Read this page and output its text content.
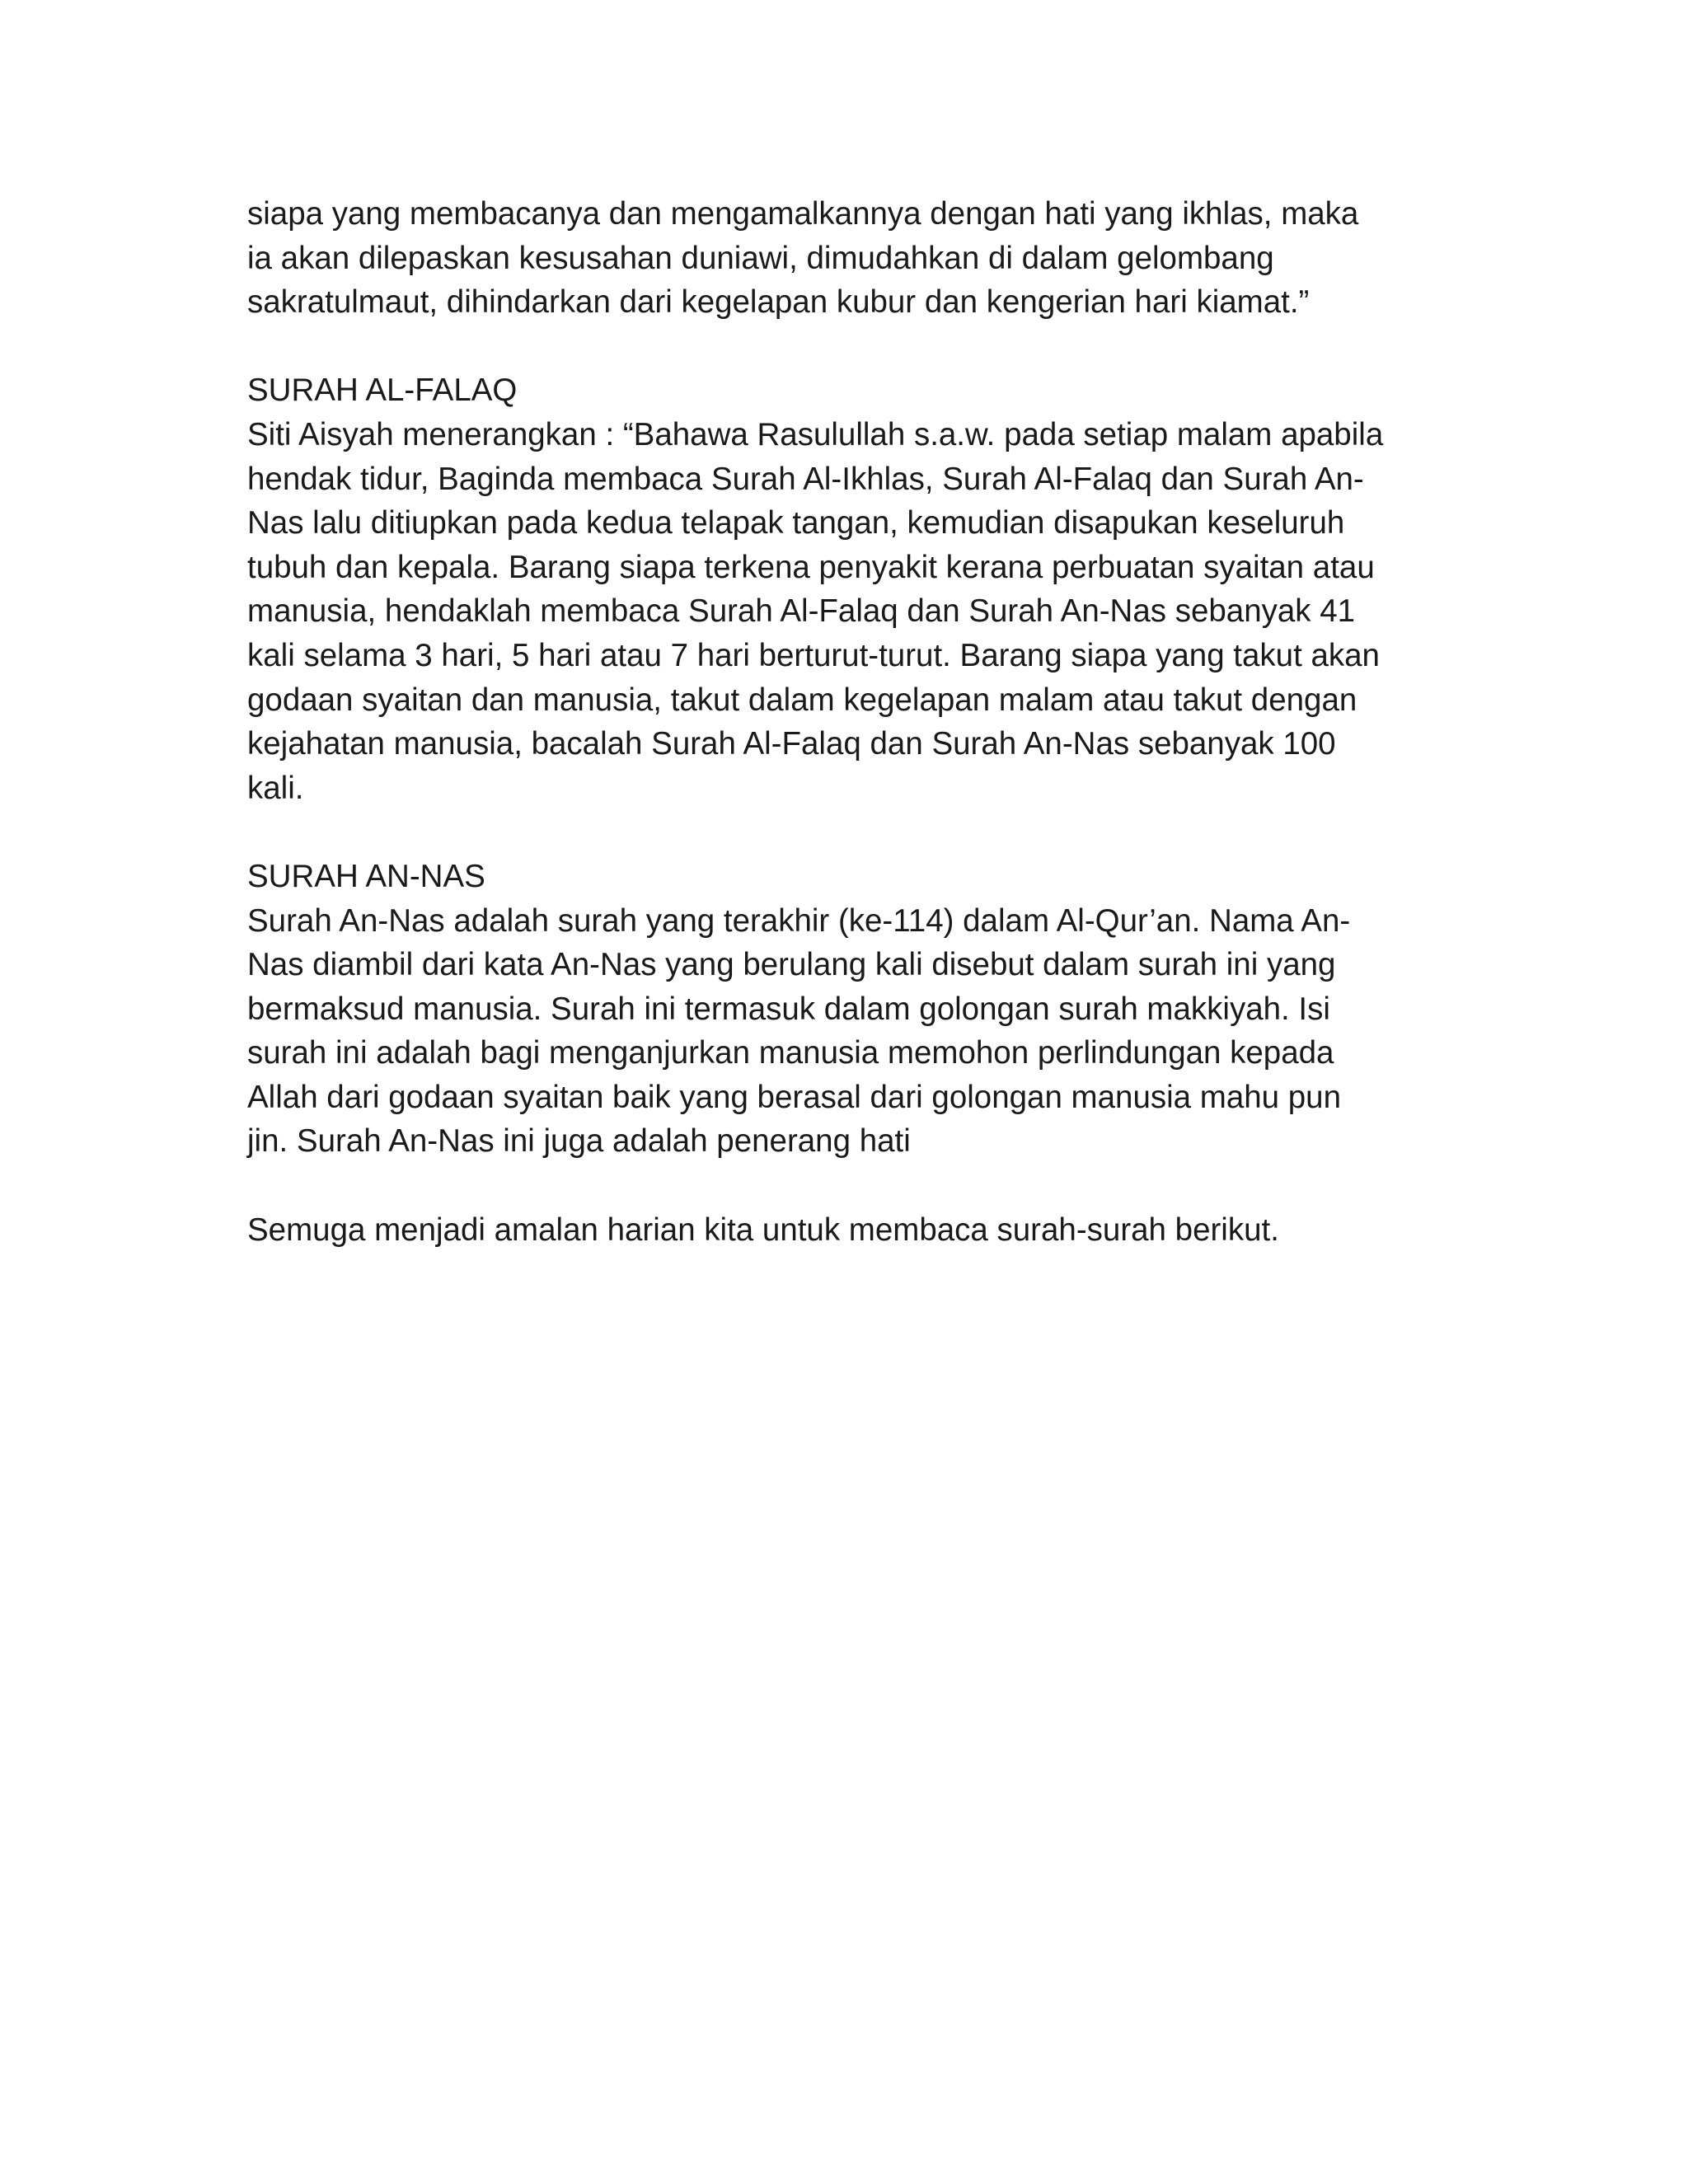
siapa yang membacanya dan mengamalkannya dengan hati yang ikhlas, maka
ia akan dilepaskan kesusahan duniawi, dimudahkan di dalam gelombang
sakratulmaut, dihindarkan dari kegelapan kubur dan kengerian hari kiamat.”
SURAH AL-FALAQ
Siti Aisyah menerangkan : “Bahawa Rasulullah s.a.w. pada setiap malam apabila
hendak tidur, Baginda membaca Surah Al-Ikhlas, Surah Al-Falaq dan Surah An-
Nas lalu ditiupkan pada kedua telapak tangan, kemudian disapukan keseluruh
tubuh dan kepala. Barang siapa terkena penyakit kerana perbuatan syaitan atau
manusia, hendaklah membaca Surah Al-Falaq dan Surah An-Nas sebanyak 41
kali selama 3 hari, 5 hari atau 7 hari berturut-turut. Barang siapa yang takut akan
godaan syaitan dan manusia, takut dalam kegelapan malam atau takut dengan
kejahatan manusia, bacalah Surah Al-Falaq dan Surah An-Nas sebanyak 100
kali.
SURAH AN-NAS
Surah An-Nas adalah surah yang terakhir (ke-114) dalam Al-Qur’an. Nama An-
Nas diambil dari kata An-Nas yang berulang kali disebut dalam surah ini yang
bermaksud manusia. Surah ini termasuk dalam golongan surah makkiyah. Isi
surah ini adalah bagi menganjurkan manusia memohon perlindungan kepada
Allah dari godaan syaitan baik yang berasal dari golongan manusia mahu pun
jin. Surah An-Nas ini juga adalah penerang hati
Semuga menjadi amalan harian kita untuk membaca surah-surah berikut.
